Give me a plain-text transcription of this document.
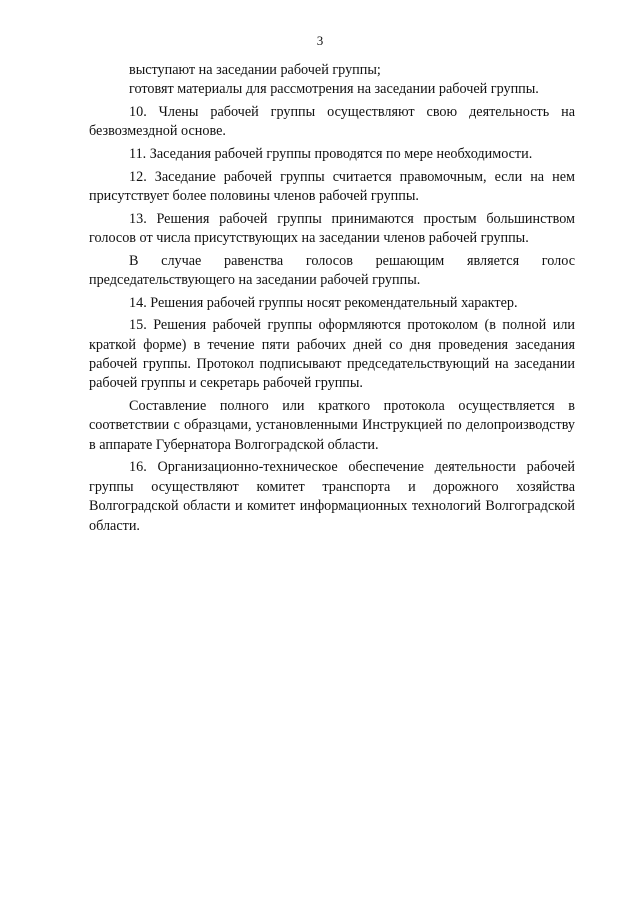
3

выступают на заседании рабочей группы;

готовят материалы для рассмотрения на заседании рабочей группы.

10. Члены рабочей группы осуществляют свою деятельность на безвозмездной основе.

11. Заседания рабочей группы проводятся по мере необходимости.

12. Заседание рабочей группы считается правомочным, если на нем присутствует более половины членов рабочей группы.

13. Решения рабочей группы принимаются простым большинством голосов от числа присутствующих на заседании членов рабочей группы.

В случае равенства голосов решающим является голос председательствующего на заседании рабочей группы.

14. Решения рабочей группы носят рекомендательный характер.

15. Решения рабочей группы оформляются протоколом (в полной или краткой форме) в течение пяти рабочих дней со дня проведения заседания рабочей группы. Протокол подписывают председательствующий на заседании рабочей группы и секретарь рабочей группы.

Составление полного или краткого протокола осуществляется в соответствии с образцами, установленными Инструкцией по делопроизводству в аппарате Губернатора Волгоградской области.

16. Организационно-техническое обеспечение деятельности рабочей группы осуществляют комитет транспорта и дорожного хозяйства Волгоградской области и комитет информационных технологий Волгоградской области.
